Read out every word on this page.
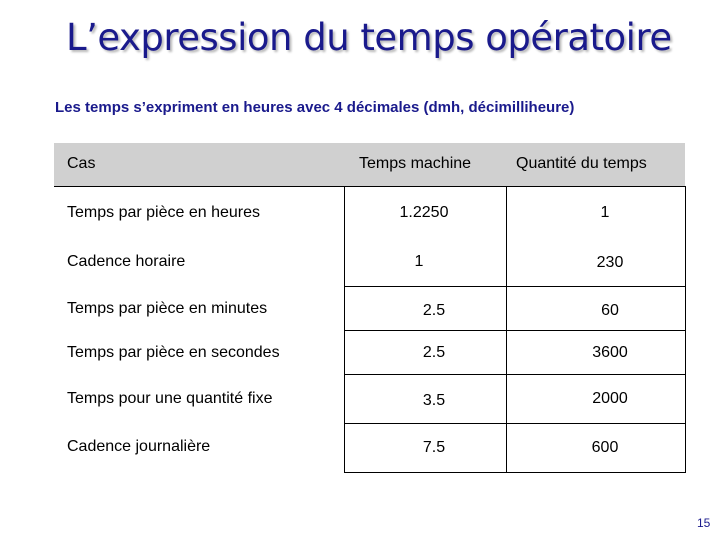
L’expression du temps opératoire
Les temps s’expriment en heures avec 4 décimales (dmh, décimilliheure)
Cas	Temps machine	Quantité du temps
Temps par pièce en heures	1.2250	1
Cadence horaire	1	230
Temps par pièce en minutes	2.5	60
Temps par pièce en secondes	2.5	3600
Temps pour une quantité fixe	3.5	2000
Cadence journalière	7.5	600
15
